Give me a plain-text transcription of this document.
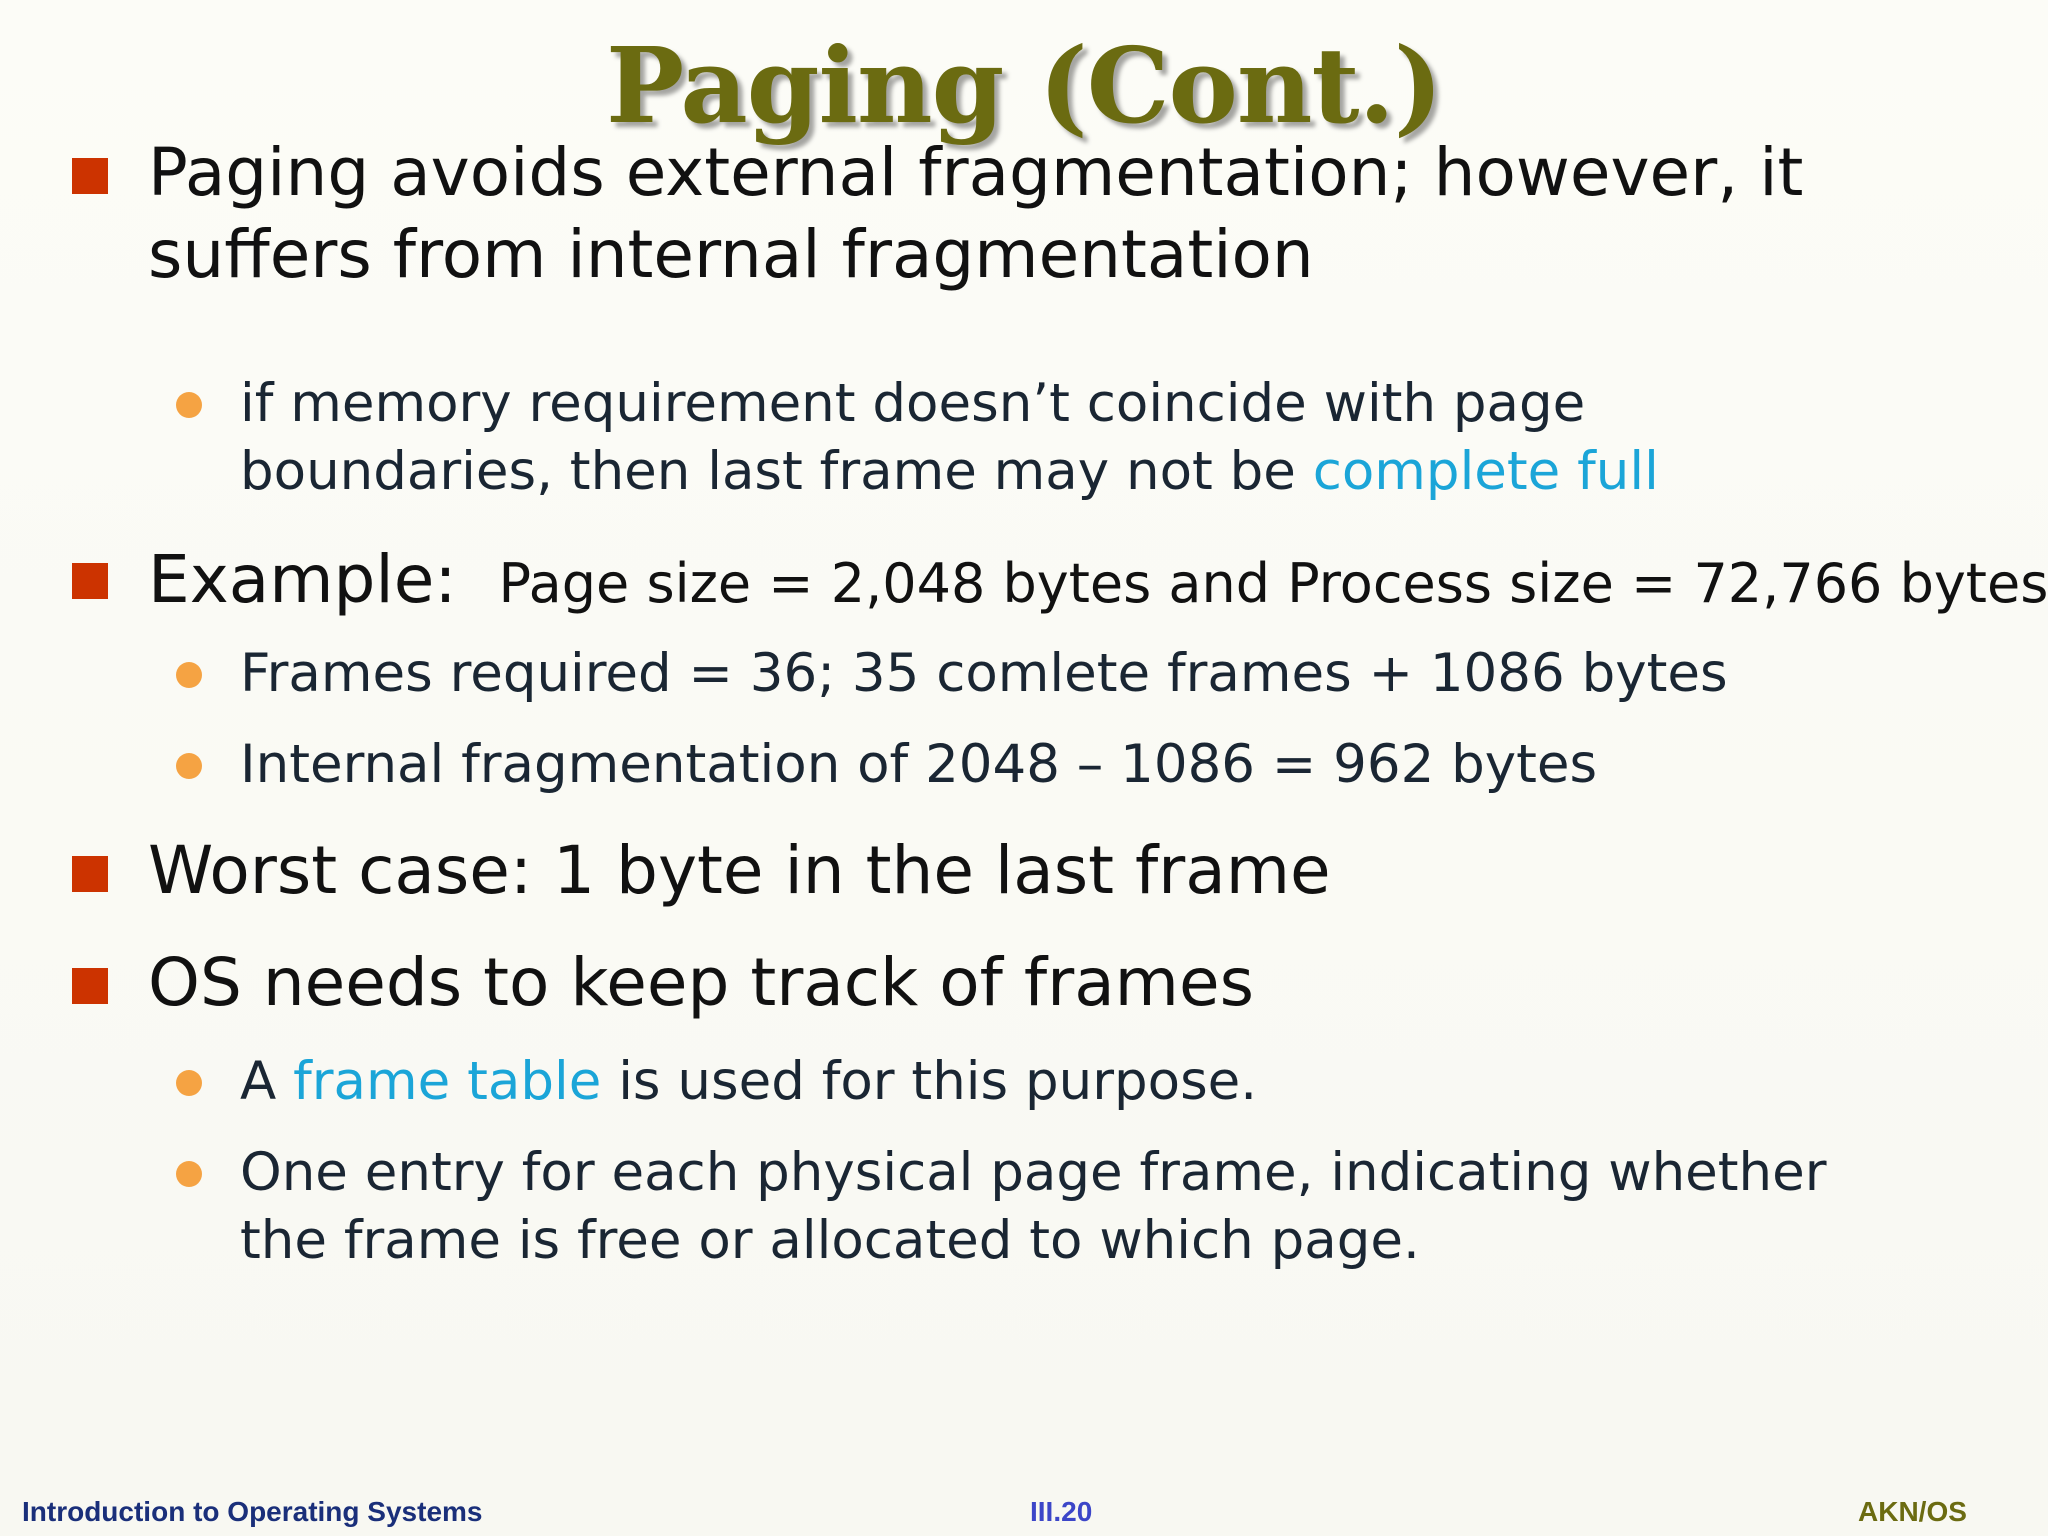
Paging (Cont.)
Paging avoids external fragmentation; however, it
suffers from internal fragmentation
if memory requirement doesn’t coincide with page
boundaries, then last frame may not be complete full
Example: Page size = 2,048 bytes and Process size = 72,766 bytes
Frames required = 36; 35 comlete frames + 1086 bytes
Internal fragmentation of 2048 – 1086 = 962 bytes
Worst case: 1 byte in the last frame
OS needs to keep track of frames
A frame table is used for this purpose.
One entry for each physical page frame, indicating whether
the frame is free or allocated to which page.
Introduction to Operating Systems	III.20	AKN/OS
